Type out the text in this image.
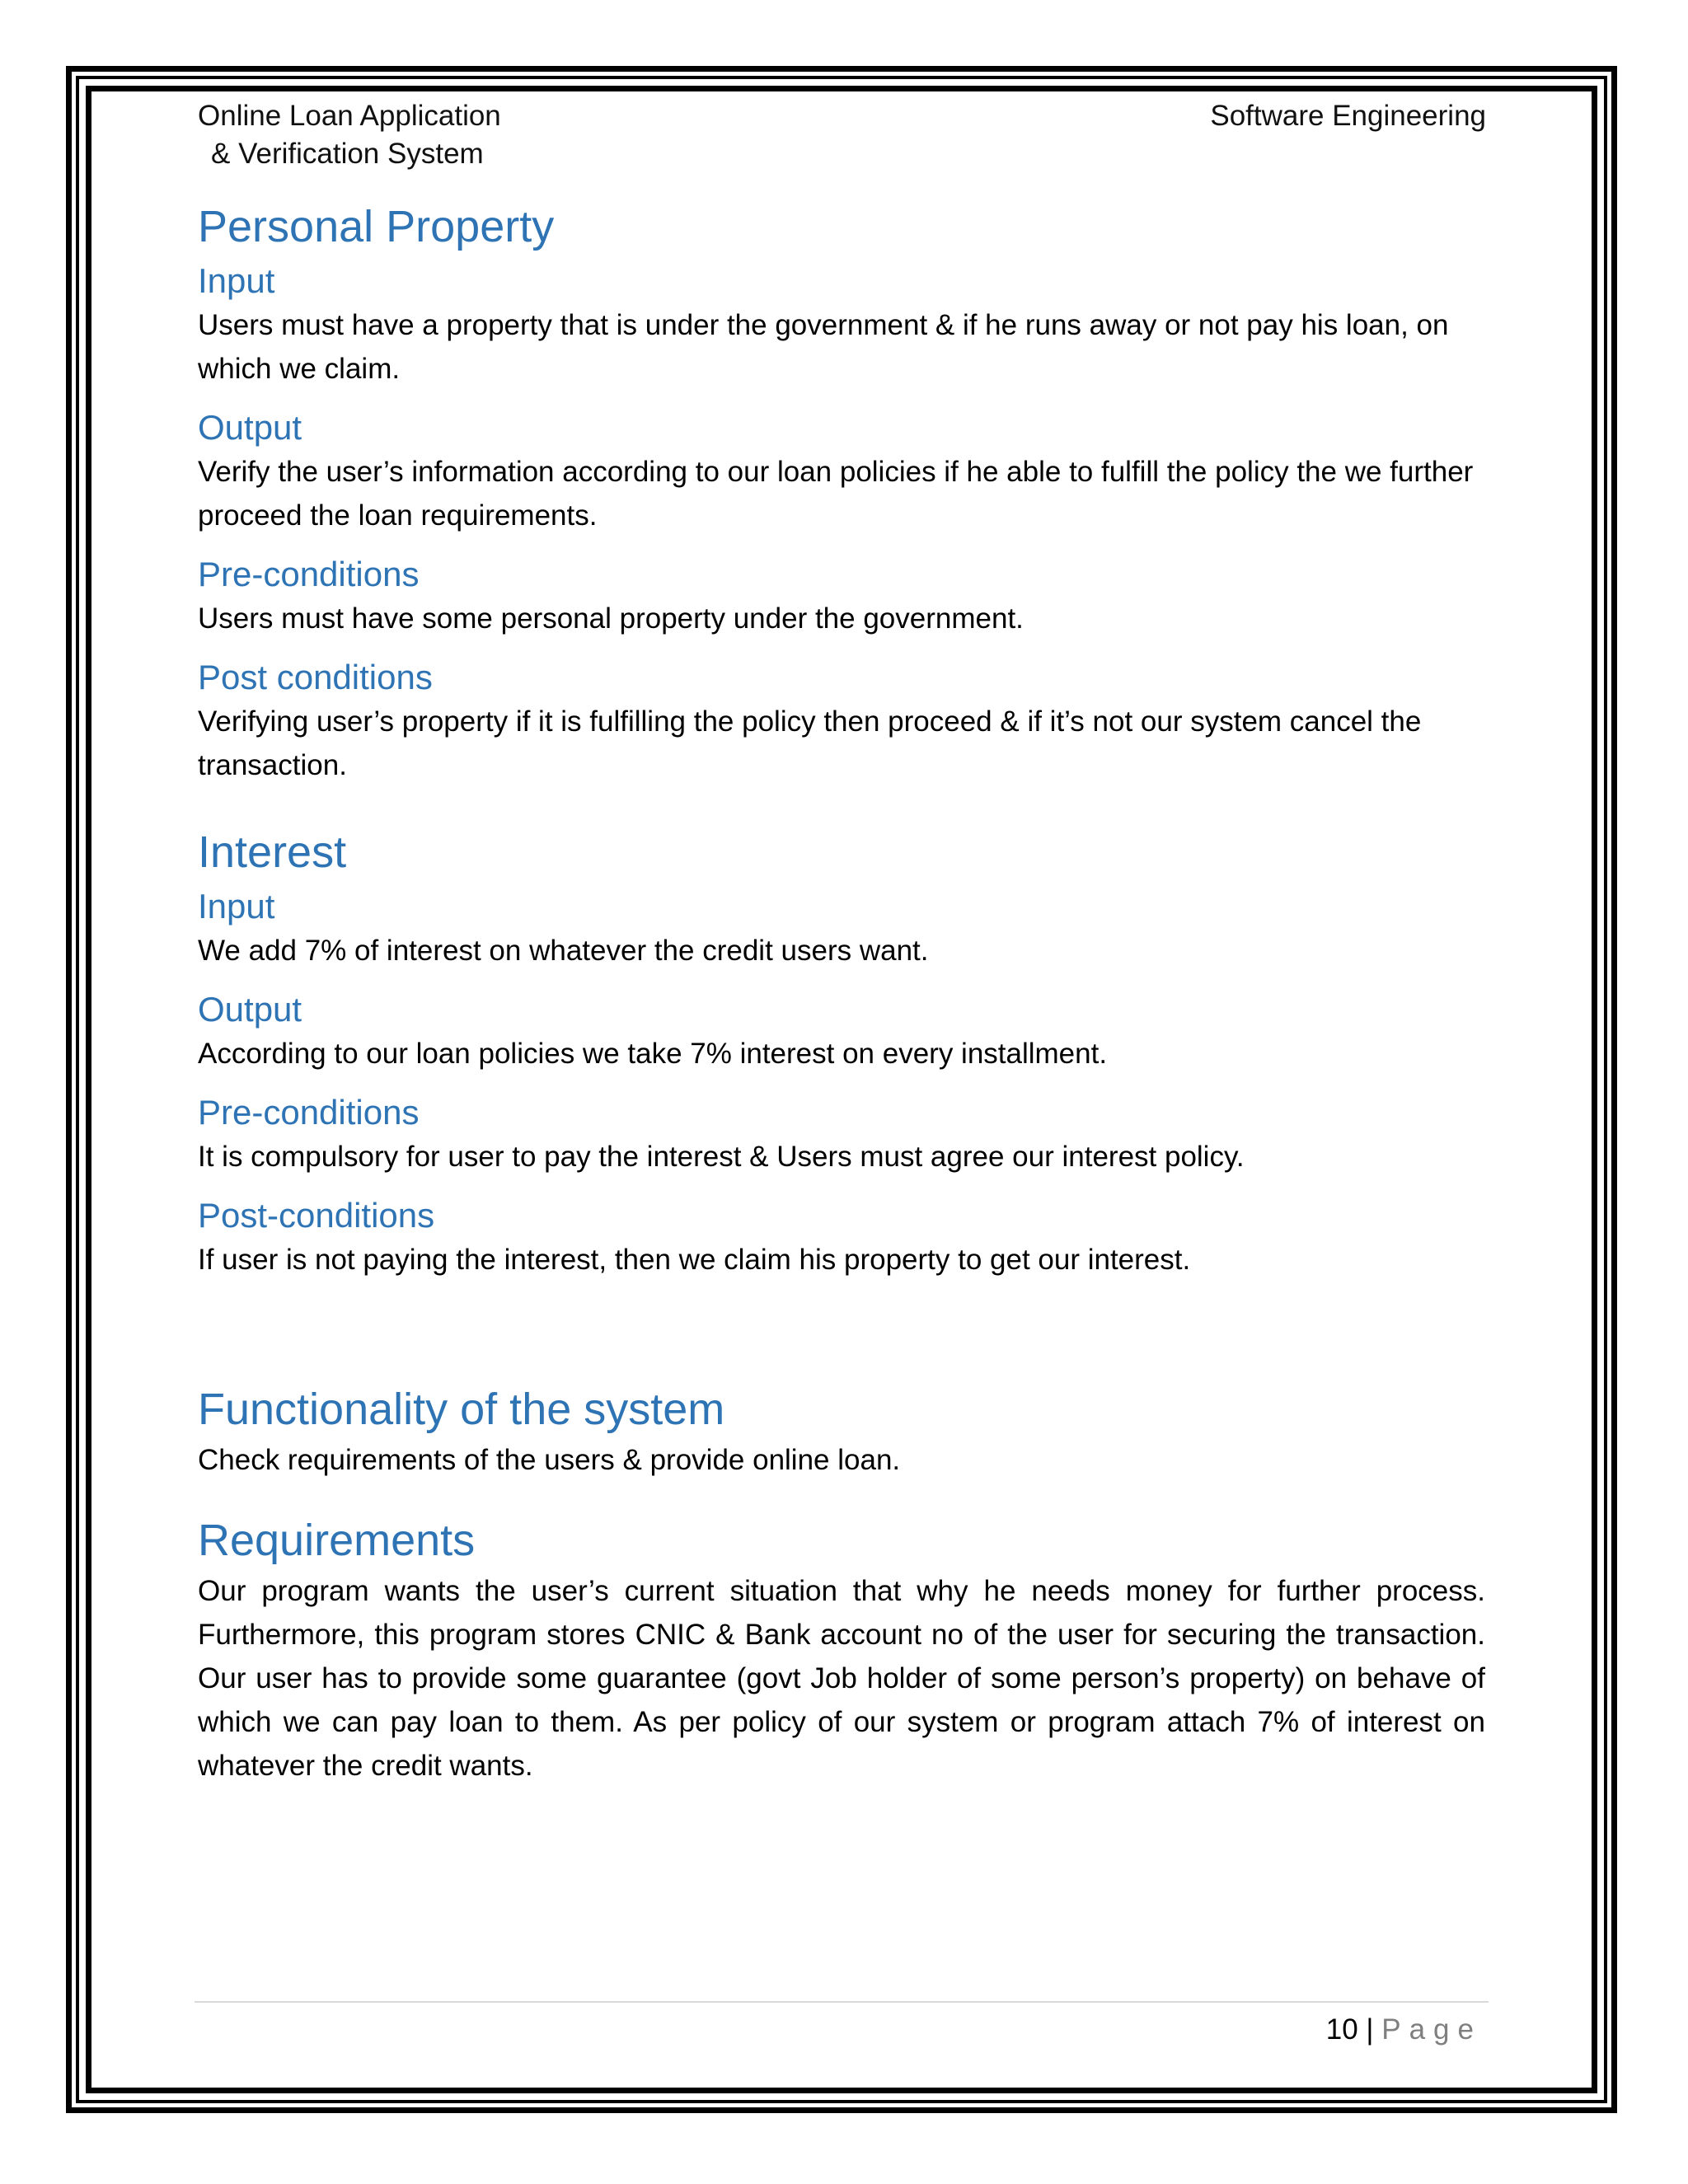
Online Loan Application
& Verification System
Software Engineering
Personal Property
Input

Users must have a property that is under the government & if he runs away or not pay his loan, on which we claim.

Output

Verify the user’s information according to our loan policies if he able to fulfill the policy the we further proceed the loan requirements.

Pre-conditions

Users must have some personal property under the government.

Post conditions

Verifying user’s property if it is fulfilling the policy then proceed & if it’s not our system cancel the transaction.

Interest
Input

We add 7% of interest on whatever the credit users want.

Output

According to our loan policies we take 7% interest on every installment.

Pre-conditions

It is compulsory for user to pay the interest & Users must agree our interest policy.

Post-conditions

If user is not paying the interest, then we claim his property to get our interest.

Functionality of the system

Check requirements of the users & provide online loan.

Requirements

Our program wants the user’s current situation that why he needs money for further process. Furthermore, this program stores CNIC & Bank account no of the user for securing the transaction. Our user has to provide some guarantee (govt Job holder of some person’s property) on behave of which we can pay loan to them. As per policy of our system or program attach 7% of interest on whatever the credit wants.

10 | Page
